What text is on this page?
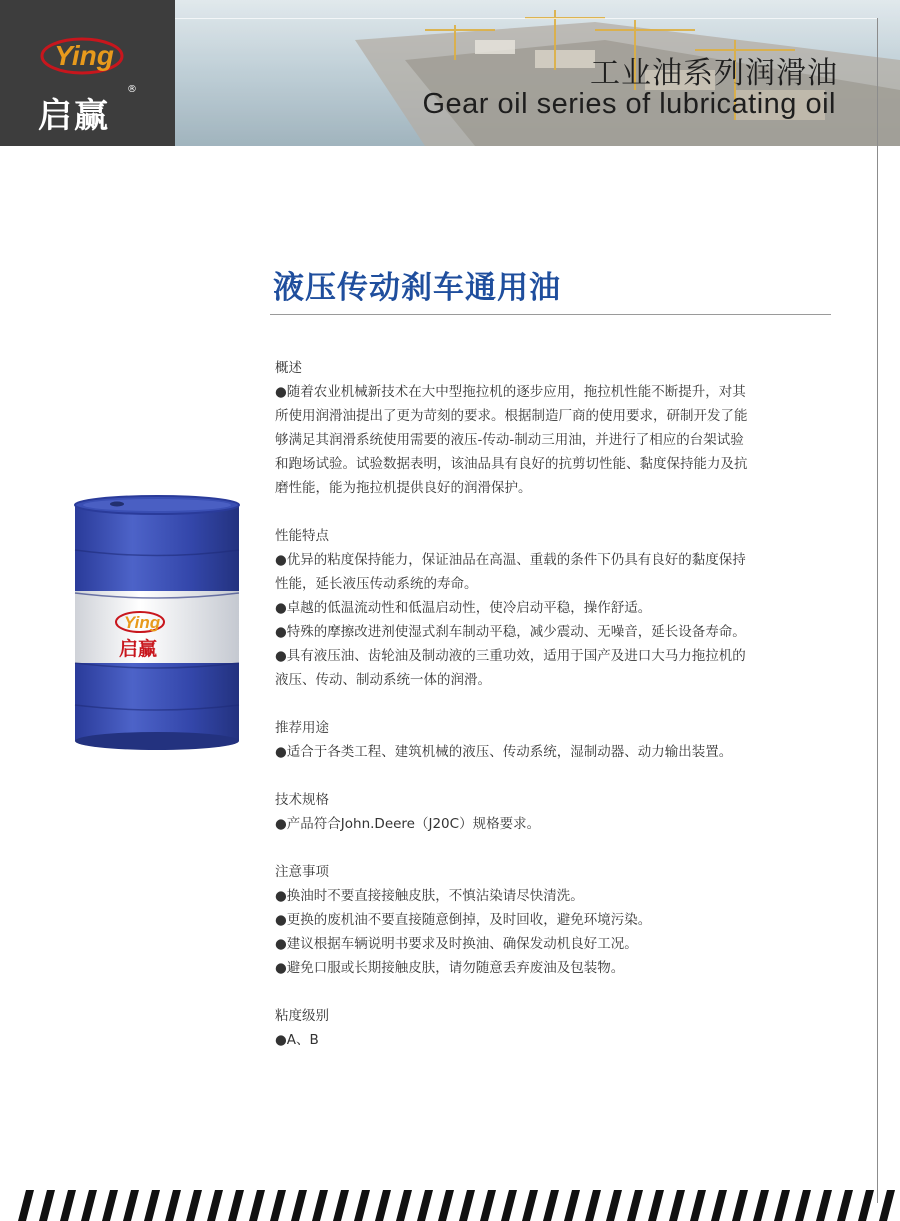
工业油系列润滑油
Gear oil series of lubricating oil
Ying
启赢
®
液压传动刹车通用油
Ying
启赢
概述

●随着农业机械新技术在大中型拖拉机的逐步应用，拖拉机性能不断提升，对其

所使用润滑油提出了更为苛刻的要求。根据制造厂商的使用要求，研制开发了能

够满足其润滑系统使用需要的液压-传动-制动三用油，并进行了相应的台架试验

和跑场试验。试验数据表明，该油品具有良好的抗剪切性能、黏度保持能力及抗

磨性能，能为拖拉机提供良好的润滑保护。

性能特点

●优异的粘度保持能力，保证油品在高温、重载的条件下仍具有良好的黏度保持

性能，延长液压传动系统的寿命。

●卓越的低温流动性和低温启动性，使冷启动平稳，操作舒适。

●特殊的摩擦改进剂使湿式刹车制动平稳，减少震动、无噪音，延长设备寿命。

●具有液压油、齿轮油及制动液的三重功效，适用于国产及进口大马力拖拉机的

液压、传动、制动系统一体的润滑。

推荐用途

●适合于各类工程、建筑机械的液压、传动系统，湿制动器、动力输出装置。

技术规格

●产品符合John.Deere（J20C）规格要求。

注意事项

●换油时不要直接接触皮肤，不慎沾染请尽快清洗。

●更换的废机油不要直接随意倒掉，及时回收，避免环境污染。

●建议根据车辆说明书要求及时换油、确保发动机良好工况。

●避免口服或长期接触皮肤，请勿随意丢弃废油及包装物。

粘度级别

●A、B
